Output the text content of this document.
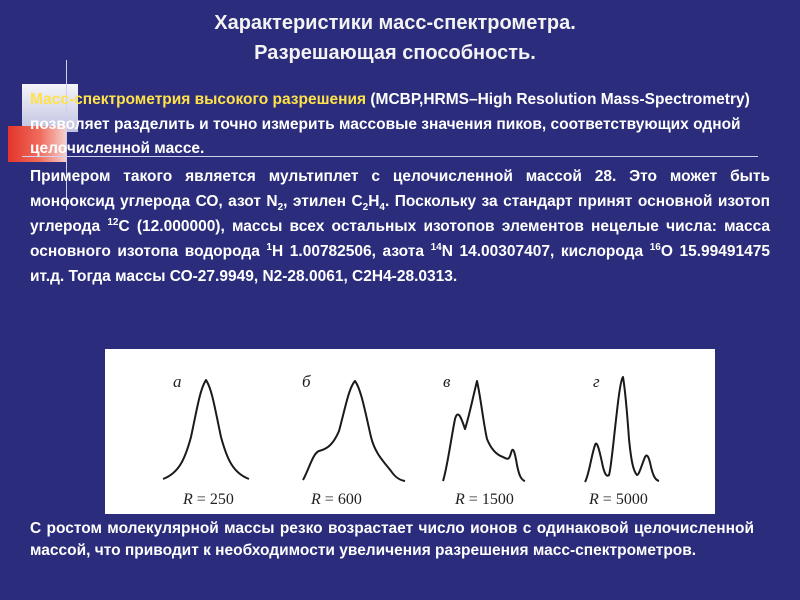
Характеристики масс-спектрометра.
Разрешающая способность.
Масс-спектрометрия высокого разрешения (МСВР,HRMS–High Resolution Mass-Spectrometry) позволяет разделить и точно измерить массовые значения пиков, соответствующих одной целочисленной массе.
Примером такого является мультиплет с целочисленной массой 28. Это может быть монооксид углерода СО, азот $N_2$, этилен $С_2Н_4$. Поскольку за стандарт принят основной изотоп углерода $^{12}$С (12.000000), массы всех остальных изотопов элементов нецелые числа: масса основного изотопа водорода $^1$Н 1.00782506, азота $^{14}$N 14.00307407, кислорода $^{16}$О 15.99491475 ит.д. Тогда массы СО-27.9949, N2-28.0061, C2H4-28.0313.
а
R = 250
б
R = 600
в
R = 1500
г
R = 5000
С ростом молекулярной массы резко возрастает число ионов с одинаковой целочисленной массой, что приводит к необходимости увеличения разрешения масс-спектрометров.
